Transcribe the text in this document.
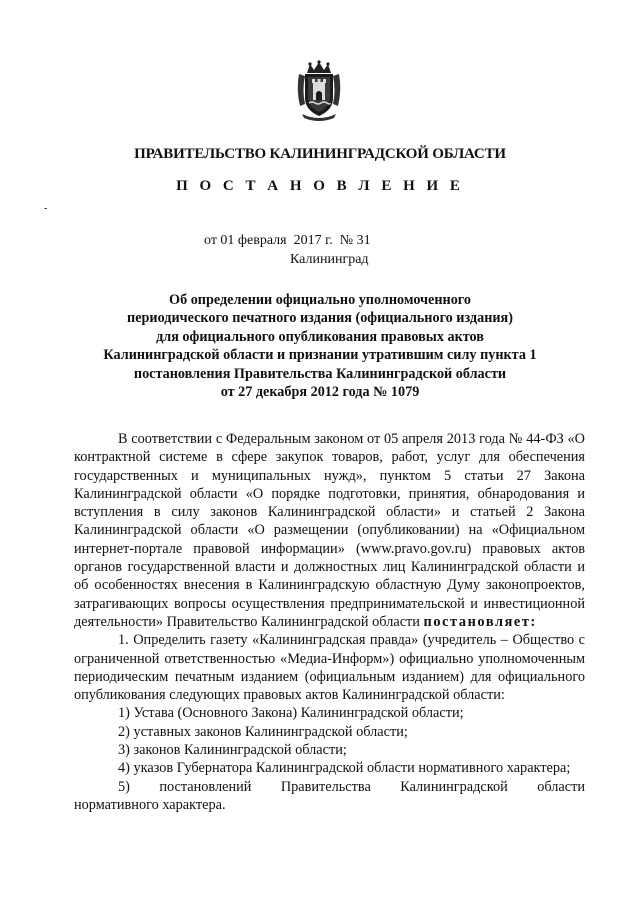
ПРАВИТЕЛЬСТВО КАЛИНИНГРАДСКОЙ ОБЛАСТИ
П О С Т А Н О В Л Е Н И Е
-
от 01 февраля  2017 г.  № 31
Калининград
Об определении официально уполномоченного
периодического печатного издания (официального издания)
для официального опубликования правовых актов
Калининградской области и признании утратившим силу пункта 1
постановления Правительства Калининградской области
от 27 декабря 2012 года № 1079

В соответствии с Федеральным законом от 05 апреля 2013 года № 44-ФЗ «О контрактной системе в сфере закупок товаров, работ, услуг для обеспечения государственных и муниципальных нужд», пунктом 5 статьи 27 Закона Калининградской области «О порядке подготовки, принятия, обнародования и вступления в силу законов Калининградской области» и статьей 2 Закона Калининградской области «О размещении (опубликовании) на «Официальном интернет-портале правовой информации» (www.pravo.gov.ru) правовых актов органов государственной власти и должностных лиц Калининградской области и об особенностях внесения в Калининградскую областную Думу законопроектов, затрагивающих вопросы осуществления предпринимательской и инвестиционной деятельности» Правительство Калининградской области постановляет:

1. Определить газету «Калининградская правда» (учредитель – Общество с ограниченной ответственностью «Медиа-Информ») официально уполномоченным периодическим печатным изданием (официальным изданием) для официального опубликования следующих правовых актов Калининградской области:

1) Устава (Основного Закона) Калининградской области;

2) уставных законов Калининградской области;

3) законов Калининградской области;

4) указов Губернатора Калининградской области нормативного характера;

5) постановлений Правительства Калининградской области

нормативного характера.
